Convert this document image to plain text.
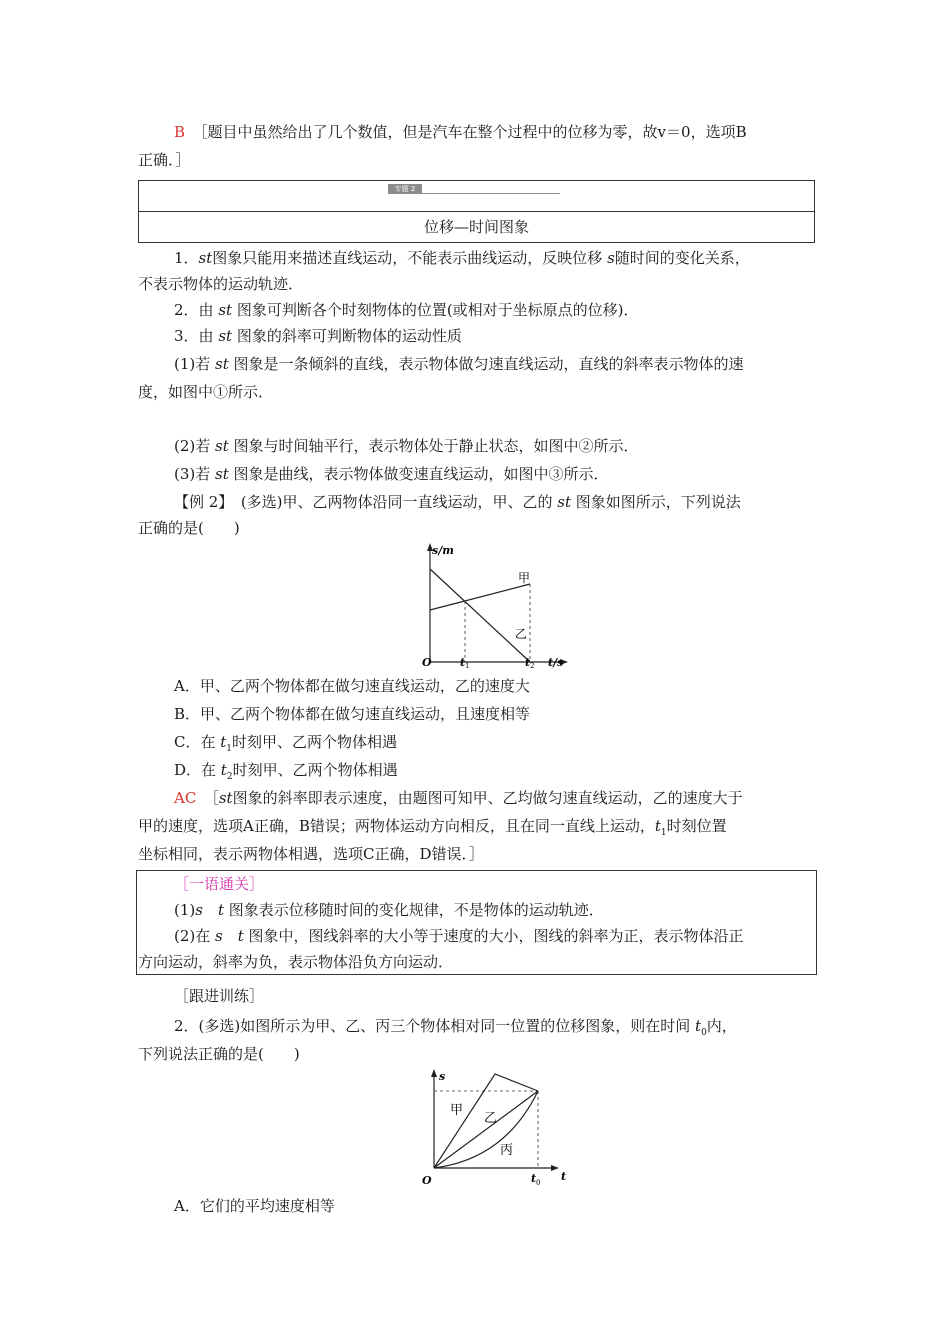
B　 ［题目中虽然给出了几个数值，但是汽车在整个过程中的位移为零，故v＝0，选项B

正确．］

专题 2
位移—时间图象

1．st图象只能用来描述直线运动，不能表示曲线运动，反映位移 s随时间的变化关系，

不表示物体的运动轨迹．

2．由 st 图象可判断各个时刻物体的位置(或相对于坐标原点的位移)．

3．由 st 图象的斜率可判断物体的运动性质

(1)若 st 图象是一条倾斜的直线，表示物体做匀速直线运动，直线的斜率表示物体的速

度，如图中①所示．

(2)若 st 图象与时间轴平行，表示物体处于静止状态，如图中②所示．

(3)若 st 图象是曲线，表示物体做变速直线运动，如图中③所示．

【例 2】　(多选)甲、乙两物体沿同一直线运动，甲、乙的 st 图象如图所示，下列说法

正确的是(　　)

s/m
甲
乙
O	t 1	t 2 t/s

A．甲、乙两个物体都在做匀速直线运动，乙的速度大

B．甲、乙两个物体都在做匀速直线运动，且速度相等

C．在 $t_1$时刻甲、乙两个物体相遇

D．在 $t_2$时刻甲、乙两个物体相遇

AC　 ［st图象的斜率即表示速度，由题图可知甲、乙均做匀速直线运动，乙的速度大于

甲的速度，选项A正确，B错误；两物体运动方向相反，且在同一直线上运动，$t_1$时刻位置

坐标相同，表示两物体相遇，选项C正确，D错误．］

［一语通关］

(1)s　t 图象表示位移随时间的变化规律，不是物体的运动轨迹．

(2)在 s　t 图象中，图线斜率的大小等于速度的大小，图线的斜率为正，表示物体沿正

方向运动，斜率为负，表示物体沿负方向运动．

［跟进训练］

2．(多选)如图所示为甲、乙、丙三个物体相对同一位置的位移图象，则在时间 $t_0$内，

下列说法正确的是(　　)

s
甲
乙
丙
O	t 0 t

A．它们的平均速度相等
